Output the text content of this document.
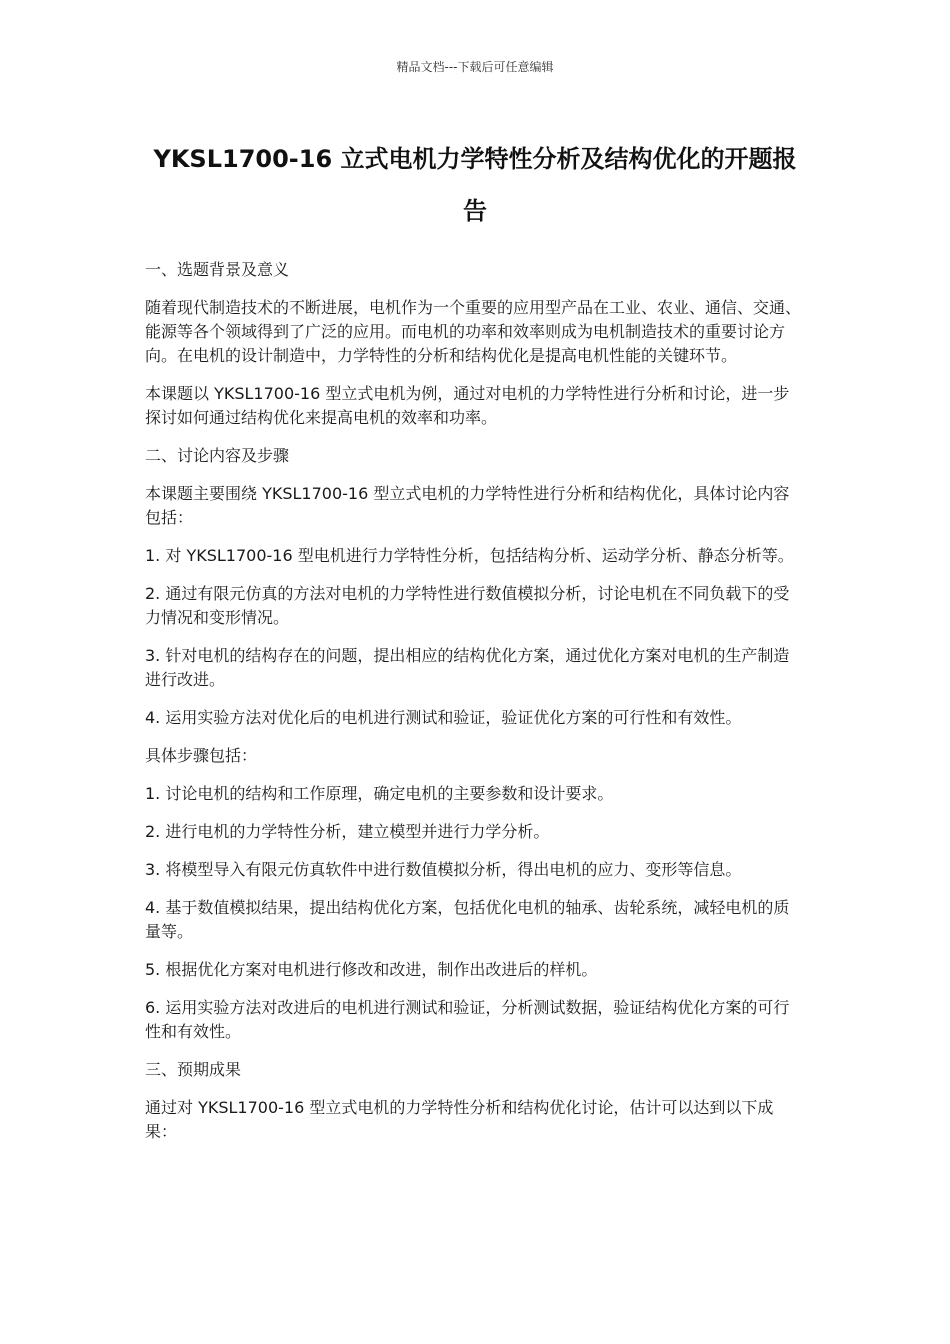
精品文档---下载后可任意编辑
YKSL1700-16 立式电机力学特性分析及结构优化的开题报告

一、选题背景及意义

随着现代制造技术的不断进展，电机作为一个重要的应用型产品在工业、农业、通信、交通、能源等各个领域得到了广泛的应用。而电机的功率和效率则成为电机制造技术的重要讨论方向。在电机的设计制造中，力学特性的分析和结构优化是提高电机性能的关键环节。

本课题以 YKSL1700-16 型立式电机为例，通过对电机的力学特性进行分析和讨论，进一步探讨如何通过结构优化来提高电机的效率和功率。

二、讨论内容及步骤

本课题主要围绕 YKSL1700-16 型立式电机的力学特性进行分析和结构优化，具体讨论内容包括：

1. 对 YKSL1700-16 型电机进行力学特性分析，包括结构分析、运动学分析、静态分析等。

2. 通过有限元仿真的方法对电机的力学特性进行数值模拟分析，讨论电机在不同负载下的受力情况和变形情况。

3. 针对电机的结构存在的问题，提出相应的结构优化方案，通过优化方案对电机的生产制造进行改进。

4. 运用实验方法对优化后的电机进行测试和验证，验证优化方案的可行性和有效性。

具体步骤包括：

1. 讨论电机的结构和工作原理，确定电机的主要参数和设计要求。

2. 进行电机的力学特性分析，建立模型并进行力学分析。

3. 将模型导入有限元仿真软件中进行数值模拟分析，得出电机的应力、变形等信息。

4. 基于数值模拟结果，提出结构优化方案，包括优化电机的轴承、齿轮系统，减轻电机的质量等。

5. 根据优化方案对电机进行修改和改进，制作出改进后的样机。

6. 运用实验方法对改进后的电机进行测试和验证，分析测试数据，验证结构优化方案的可行性和有效性。

三、预期成果

通过对 YKSL1700-16 型立式电机的力学特性分析和结构优化讨论，估计可以达到以下成果：
